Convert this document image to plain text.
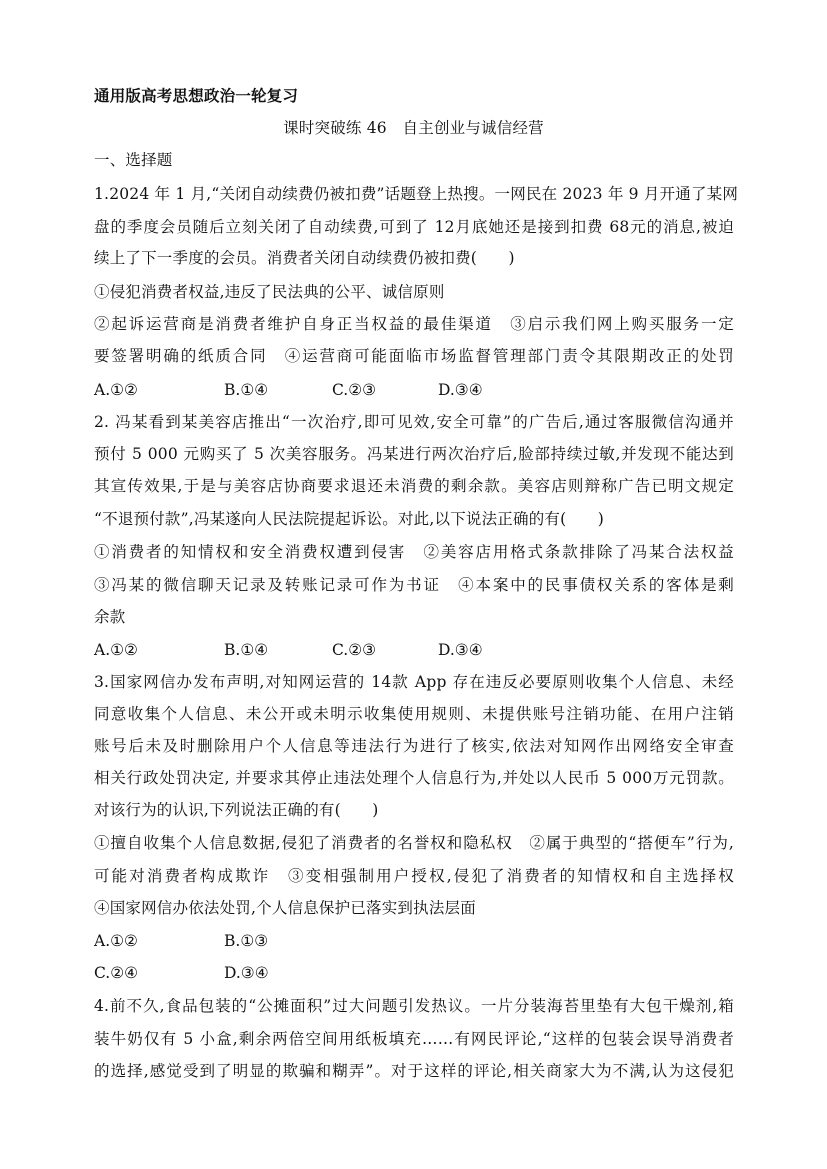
通用版高考思想政治一轮复习
课时突破练 46　自主创业与诚信经营
一、选择题
1.2024 年 1 月,“关闭自动续费仍被扣费”话题登上热搜。一网民在 2023 年 9 月开通了某网
盘的季度会员随后立刻关闭了自动续费,可到了 12月底她还是接到扣费 68元的消息,被迫
续上了下一季度的会员。消费者关闭自动续费仍被扣费(　　)
①侵犯消费者权益,违反了民法典的公平、诚信原则
②起诉运营商是消费者维护自身正当权益的最佳渠道　③启示我们网上购买服务一定
要签署明确的纸质合同　④运营商可能面临市场监督管理部门责令其限期改正的处罚
A.①②	B.①④	C.②③	D.③④
2. 冯某看到某美容店推出“一次治疗,即可见效,安全可靠”的广告后,通过客服微信沟通并
预付 5 000 元购买了 5 次美容服务。冯某进行两次治疗后,脸部持续过敏,并发现不能达到
其宣传效果,于是与美容店协商要求退还未消费的剩余款。美容店则辩称广告已明文规定
“不退预付款”,冯某遂向人民法院提起诉讼。对此,以下说法正确的有(　　)
①消费者的知情权和安全消费权遭到侵害　②美容店用格式条款排除了冯某合法权益
③冯某的微信聊天记录及转账记录可作为书证　④本案中的民事债权关系的客体是剩
余款
A.①②	B.①④	C.②③	D.③④
3.国家网信办发布声明,对知网运营的 14款 App 存在违反必要原则收集个人信息、未经
同意收集个人信息、未公开或未明示收集使用规则、未提供账号注销功能、在用户注销
账号后未及时删除用户个人信息等违法行为进行了核实,依法对知网作出网络安全审查
相关行政处罚决定, 并要求其停止违法处理个人信息行为,并处以人民币 5 000万元罚款。
对该行为的认识,下列说法正确的有(　　)
①擅自收集个人信息数据,侵犯了消费者的名誉权和隐私权　②属于典型的“搭便车”行为,
可能对消费者构成欺诈　③变相强制用户授权,侵犯了消费者的知情权和自主选择权
④国家网信办依法处罚,个人信息保护已落实到执法层面
A.①②	B.①③
C.②④	D.③④
4.前不久,食品包装的“公摊面积”过大问题引发热议。一片分装海苔里垫有大包干燥剂,箱
装牛奶仅有 5 小盒,剩余两倍空间用纸板填充……有网民评论,“这样的包装会误导消费者
的选择,感觉受到了明显的欺骗和糊弄”。对于这样的评论,相关商家大为不满,认为这侵犯
